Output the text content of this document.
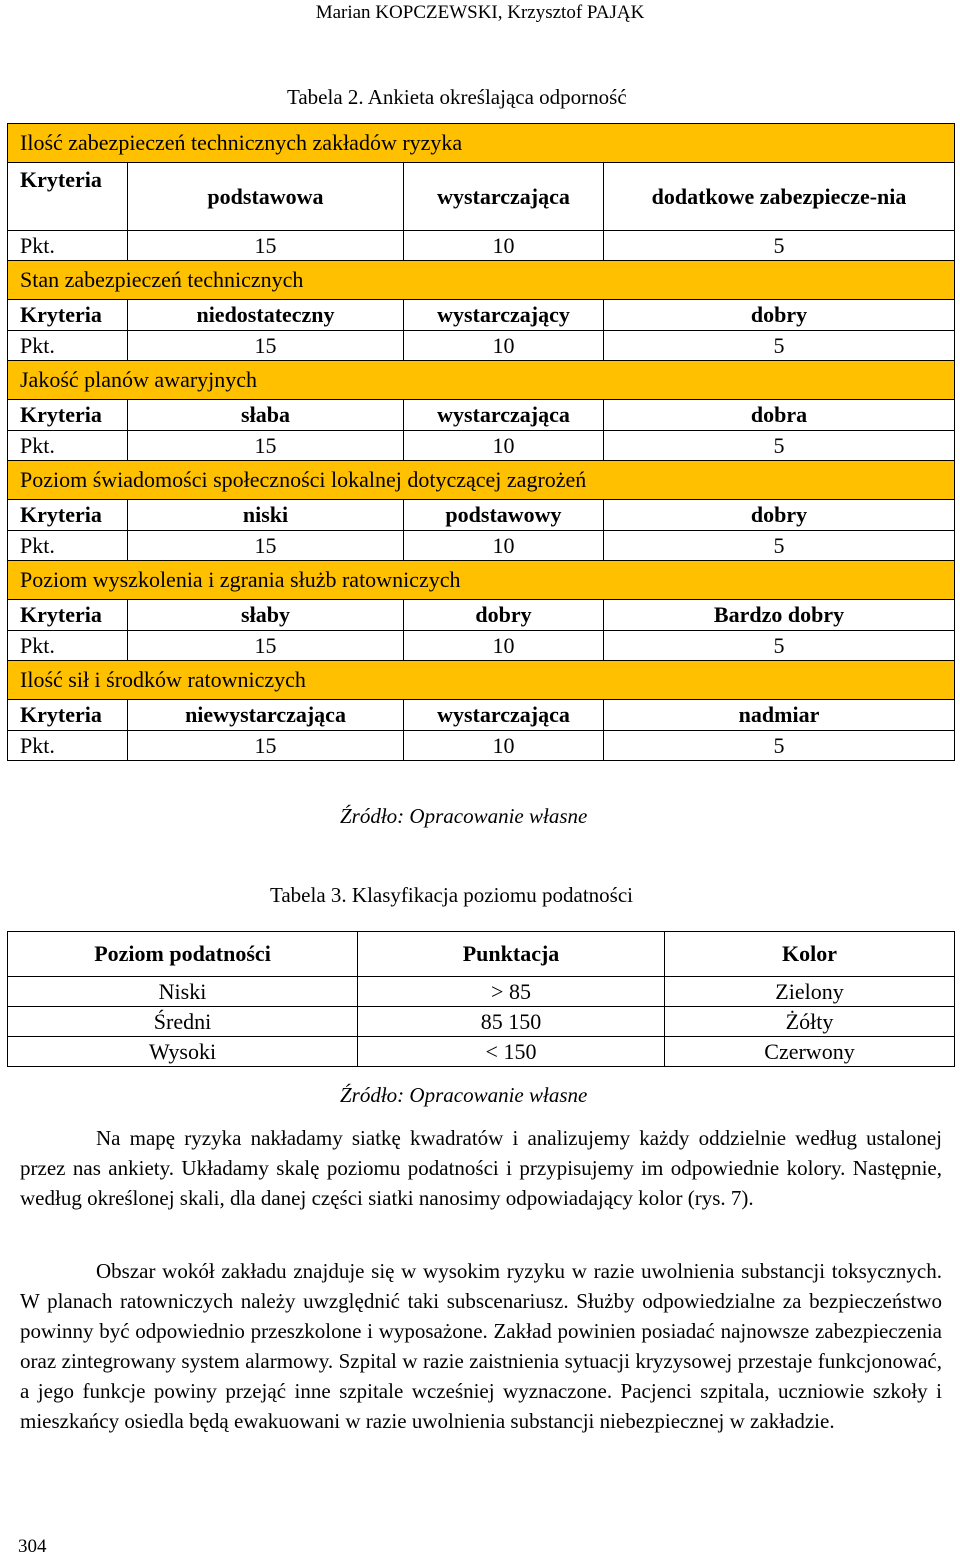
Marian KOPCZEWSKI, Krzysztof PAJĄK
Tabela 2. Ankieta określająca odporność
Ilość zabezpieczeń technicznych zakładów ryzyka			
Kryteria	podstawowa	wystarczająca	dodatkowe zabezpiecze-nia
Pkt.	15	10	5
Stan zabezpieczeń technicznych			
Kryteria	niedostateczny	wystarczający	dobry
Pkt.	15	10	5
Jakość planów awaryjnych			
Kryteria	słaba	wystarczająca	dobra
Pkt.	15	10	5
Poziom świadomości społeczności lokalnej dotyczącej zagrożeń			
Kryteria	niski	podstawowy	dobry
Pkt.	15	10	5
Poziom wyszkolenia i zgrania służb ratowniczych			
Kryteria	słaby	dobry	Bardzo dobry
Pkt.	15	10	5
Ilość sił i środków ratowniczych			
Kryteria	niewystarczająca	wystarczająca	nadmiar
Pkt.	15	10	5
Źródło: Opracowanie własne
Tabela 3. Klasyfikacja poziomu podatności
Poziom podatności	Punktacja	Kolor
Niski	> 85	Zielony
Średni	85 150	Żółty
Wysoki	< 150	Czerwony
Źródło: Opracowanie własne

Na mapę ryzyka nakładamy siatkę kwadratów i analizujemy każdy oddzielnie według ustalonej przez nas ankiety. Układamy skalę poziomu podatności i przypisujemy im odpowiednie kolory. Następnie, według określonej skali, dla danej części siatki nanosimy odpowiadający kolor (rys. 7).

Obszar wokół zakładu znajduje się w wysokim ryzyku w razie uwolnienia substancji toksycznych. W planach ratowniczych należy uwzględnić taki subscenariusz. Służby odpowiedzialne za bezpieczeństwo powinny być odpowiednio przeszkolone i wyposażone. Zakład powinien posiadać najnowsze zabezpieczenia oraz zintegrowany system alarmowy. Szpital w razie zaistnienia sytuacji kryzysowej przestaje funkcjonować, a jego funkcje powiny przejąć inne szpitale wcześniej wyznaczone. Pacjenci szpitala, uczniowie szkoły i mieszkańcy osiedla będą ewakuowani w razie uwolnienia substancji niebezpiecznej w zakładzie.

304
